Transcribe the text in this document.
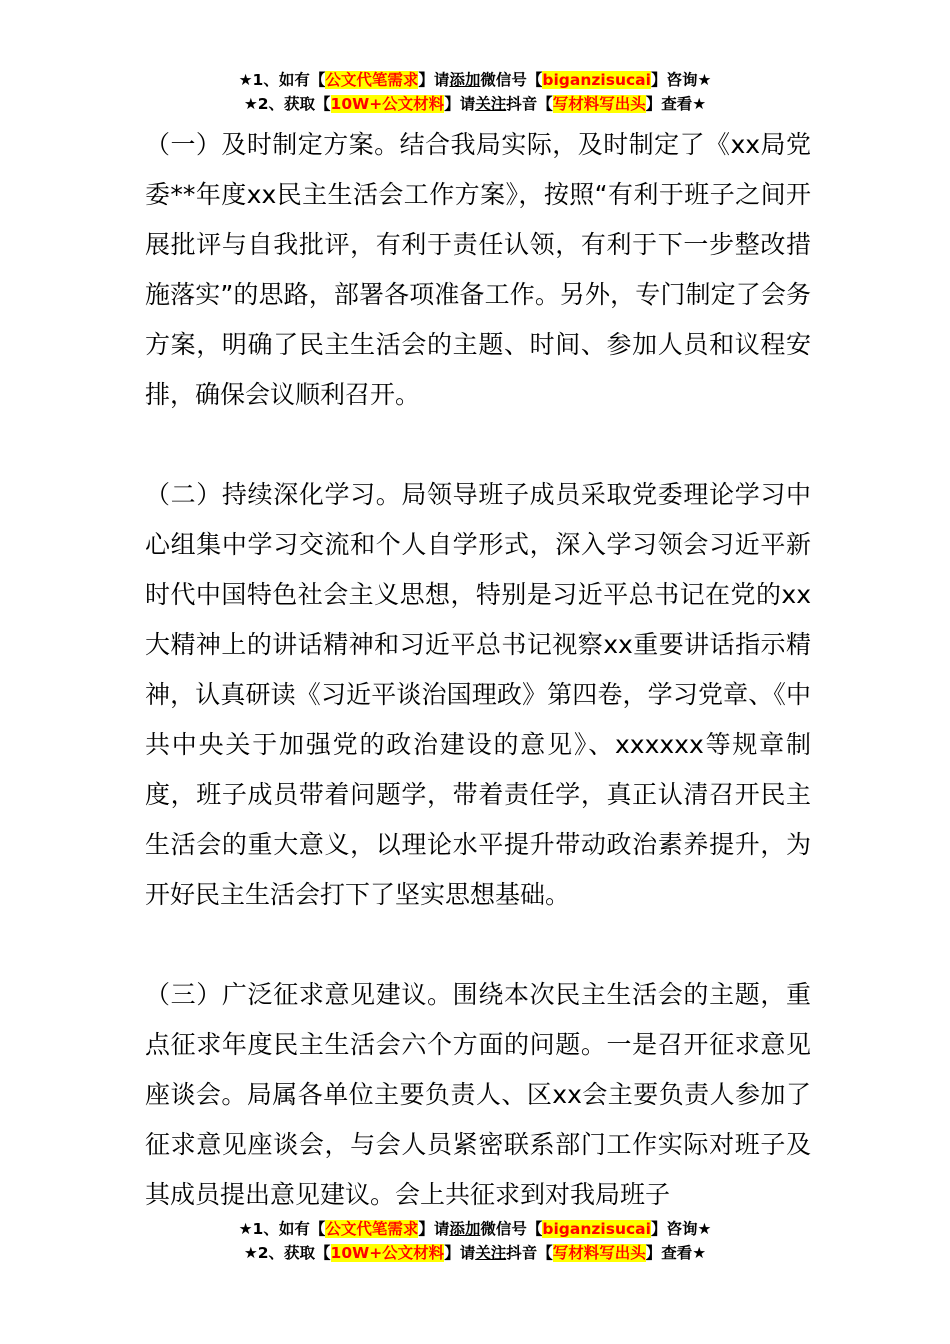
★1、如有【公文代笔需求】请添加微信号【biganzisucai】咨询★
★2、获取【10W+公文材料】请关注抖音【写材料写出头】查看★

（一）及时制定方案。结合我局实际，及时制定了《xx局党委**年度xx民主生活会工作方案》，按照“有利于班子之间开展批评与自我批评，有利于责任认领，有利于下一步整改措施落实”的思路，部署各项准备工作。另外，专门制定了会务方案，明确了民主生活会的主题、时间、参加人员和议程安排，确保会议顺利召开。

（二）持续深化学习。局领导班子成员采取党委理论学习中心组集中学习交流和个人自学形式，深入学习领会习近平新时代中国特色社会主义思想，特别是习近平总书记在党的xx大精神上的讲话精神和习近平总书记视察xx重要讲话指示精神，认真研读《习近平谈治国理政》第四卷，学习党章、《中共中央关于加强党的政治建设的意见》、xxxxxx等规章制度，班子成员带着问题学，带着责任学，真正认清召开民主生活会的重大意义，以理论水平提升带动政治素养提升，为开好民主生活会打下了坚实思想基础。

（三）广泛征求意见建议。围绕本次民主生活会的主题，重点征求年度民主生活会六个方面的问题。一是召开征求意见座谈会。局属各单位主要负责人、区xx会主要负责人参加了征求意见座谈会，与会人员紧密联系部门工作实际对班子及其成员提出意见建议。会上共征求到对我局班子

★1、如有【公文代笔需求】请添加微信号【biganzisucai】咨询★
★2、获取【10W+公文材料】请关注抖音【写材料写出头】查看★
